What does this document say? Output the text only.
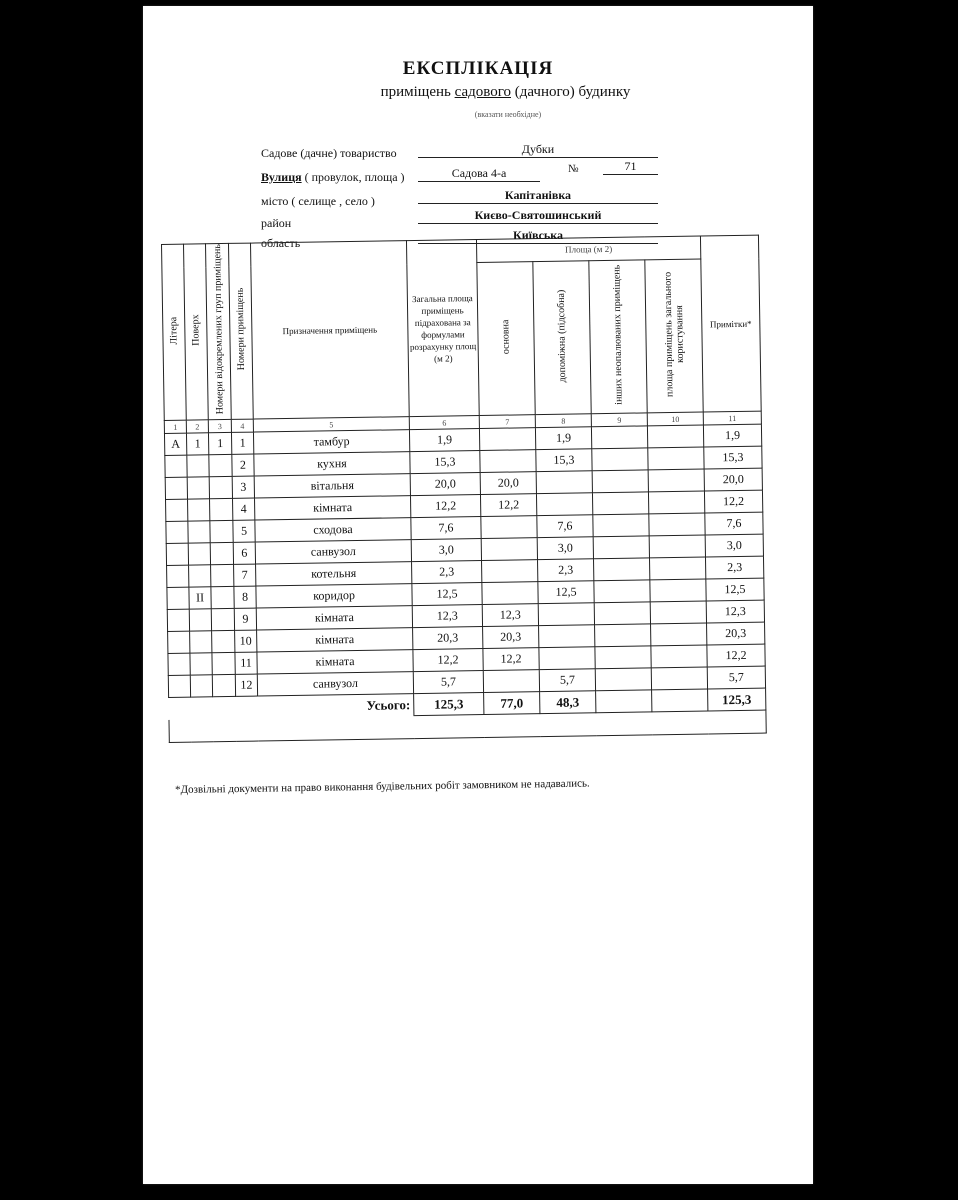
ЕКСПЛІКАЦІЯ
приміщень садового (дачного) будинку
(вказати необхідне)
Садове (дачне) товариство	Дубки
Вулиця ( провулок, площа )	Садова 4-а	№	71
місто ( селище , село )	Капітанівка
район
Києво-Святошинський
область
Київська
Літера	Поверх	Номери відокремлених груп приміщень	Номери приміщень	Призначення приміщень	Загальна площа приміщень підрахована за формулами розрахунку площ (м 2)	Площа (м 2)				Примітки*
						основна	допоміжна (підсобна)	інших неопалюваних приміщень	площа приміщень загального користування	
1	2	3	4	5	6	7	8	9	10	11
А	1	1	1	тамбур	1,9		1,9			1,9
			2	кухня	15,3		15,3			15,3
			3	вітальня	20,0	20,0				20,0
			4	кімната	12,2	12,2				12,2
			5	сходова	7,6		7,6			7,6
			6	санвузол	3,0		3,0			3,0
			7	котельня	2,3		2,3			2,3
	ІІ		8	коридор	12,5		12,5			12,5
			9	кімната	12,3	12,3				12,3
			10	кімната	20,3	20,3				20,3
			11	кімната	12,2	12,2				12,2
			12	санвузол	5,7		5,7			5,7
				Усього:	125,3	77,0	48,3			125,3

*Дозвільні документи на право виконання будівельних робіт замовником не надавались.
